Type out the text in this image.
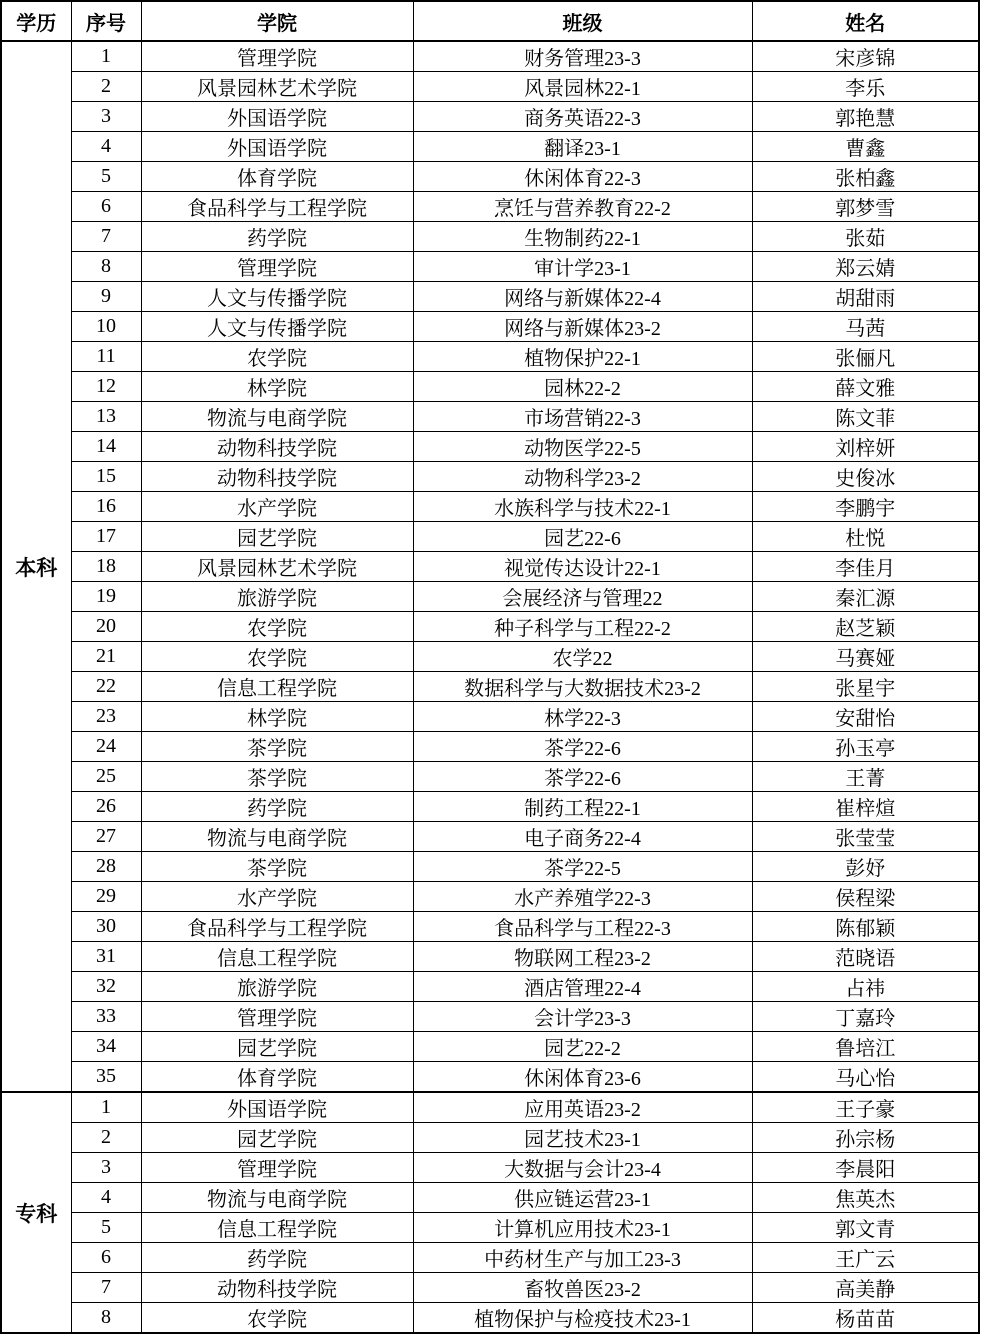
学历	序号	学院	班级	姓名
本科	1	管理学院	财务管理23-3	宋彦锦
	2	风景园林艺术学院	风景园林22-1	李乐
	3	外国语学院	商务英语22-3	郭艳慧
	4	外国语学院	翻译23-1	曹鑫
	5	体育学院	休闲体育22-3	张柏鑫
	6	食品科学与工程学院	烹饪与营养教育22-2	郭梦雪
	7	药学院	生物制药22-1	张茹
	8	管理学院	审计学23-1	郑云婧
	9	人文与传播学院	网络与新媒体22-4	胡甜雨
	10	人文与传播学院	网络与新媒体23-2	马茜
	11	农学院	植物保护22-1	张俪凡
	12	林学院	园林22-2	薛文雅
	13	物流与电商学院	市场营销22-3	陈文菲
	14	动物科技学院	动物医学22-5	刘梓妍
	15	动物科技学院	动物科学23-2	史俊冰
	16	水产学院	水族科学与技术22-1	李鹏宇
	17	园艺学院	园艺22-6	杜悦
	18	风景园林艺术学院	视觉传达设计22-1	李佳月
	19	旅游学院	会展经济与管理22	秦汇源
	20	农学院	种子科学与工程22-2	赵芝颖
	21	农学院	农学22	马赛娅
	22	信息工程学院	数据科学与大数据技术23-2	张星宇
	23	林学院	林学22-3	安甜怡
	24	茶学院	茶学22-6	孙玉亭
	25	茶学院	茶学22-6	王菁
	26	药学院	制药工程22-1	崔梓煊
	27	物流与电商学院	电子商务22-4	张莹莹
	28	茶学院	茶学22-5	彭妤
	29	水产学院	水产养殖学22-3	侯程梁
	30	食品科学与工程学院	食品科学与工程22-3	陈郁颖
	31	信息工程学院	物联网工程23-2	范晓语
	32	旅游学院	酒店管理22-4	占祎
	33	管理学院	会计学23-3	丁嘉玲
	34	园艺学院	园艺22-2	鲁培江
	35	体育学院	休闲体育23-6	马心怡
专科	1	外国语学院	应用英语23-2	王子豪
	2	园艺学院	园艺技术23-1	孙宗杨
	3	管理学院	大数据与会计23-4	李晨阳
	4	物流与电商学院	供应链运营23-1	焦英杰
	5	信息工程学院	计算机应用技术23-1	郭文青
	6	药学院	中药材生产与加工23-3	王广云
	7	动物科技学院	畜牧兽医23-2	高美静
	8	农学院	植物保护与检疫技术23-1	杨苗苗
